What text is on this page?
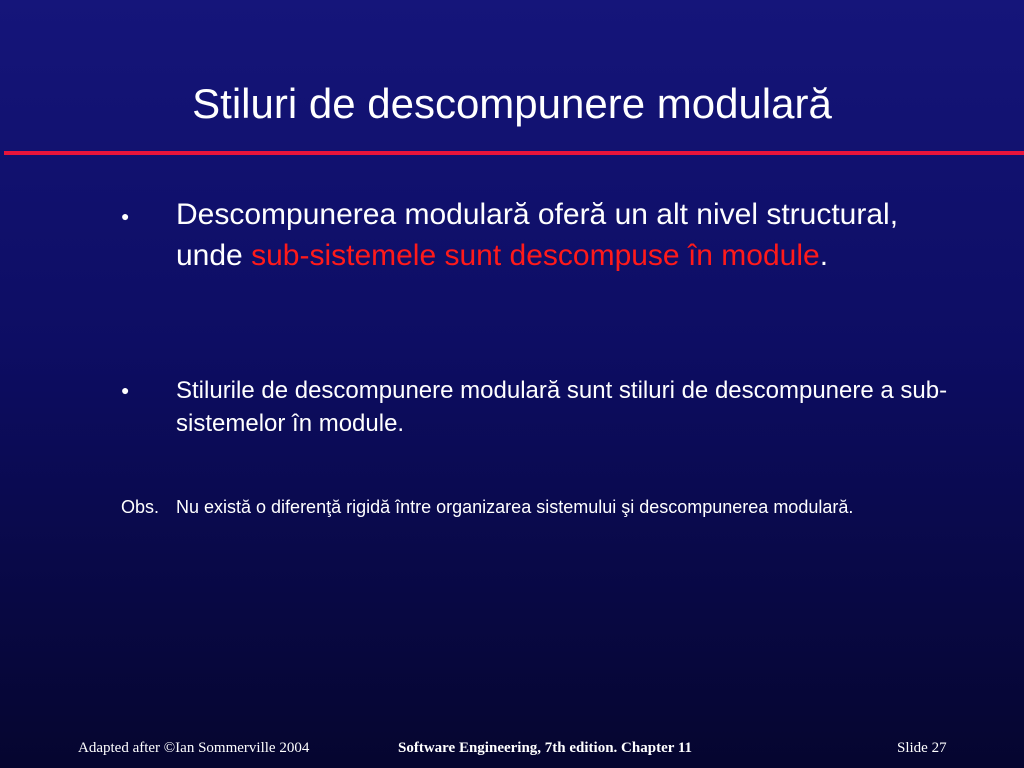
Stiluri de descompunere modulară
● Descompunerea modulară oferă un alt nivel structural, unde sub-sistemele sunt descompuse în module.
● Stilurile de descompunere modulară sunt stiluri de descompunere a sub-sistemelor în module.
Obs. Nu există o diferenţă rigidă între organizarea sistemului şi descompunerea modulară.
Adapted after ©Ian Sommerville 2004	Software Engineering, 7th edition. Chapter 11	Slide 27
